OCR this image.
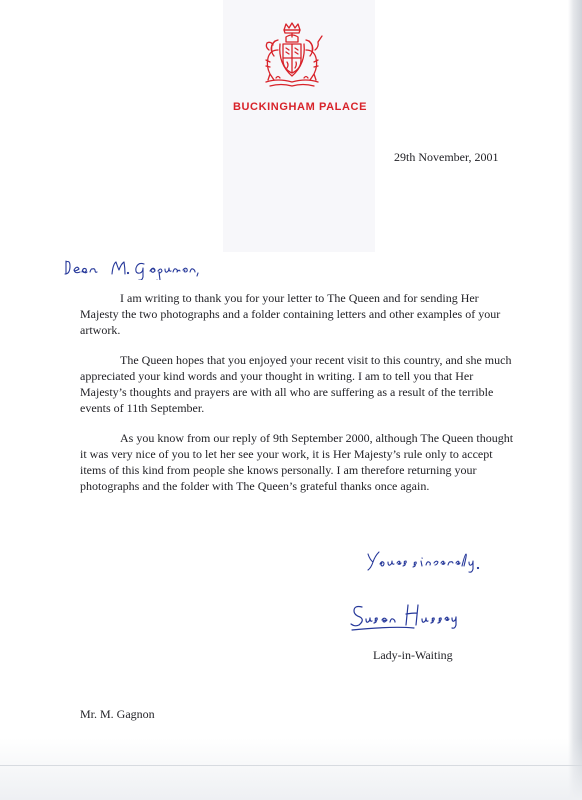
BUCKINGHAM PALACE
29th November, 2001

I am writing to thank you for your letter to The Queen and for sending Her Majesty the two photographs and a folder containing letters and other examples of your artwork.

The Queen hopes that you enjoyed your recent visit to this country, and she much appreciated your kind words and your thought in writing. I am to tell you that Her Majesty’s thoughts and prayers are with all who are suffering as a result of the terrible events of 11th September.

As you know from our reply of 9th September 2000, although The Queen thought it was very nice of you to let her see your work, it is Her Majesty’s rule only to accept items of this kind from people she knows personally. I am therefore returning your photographs and the folder with The Queen’s grateful thanks once again.

Lady-in-Waiting
Mr. M. Gagnon
